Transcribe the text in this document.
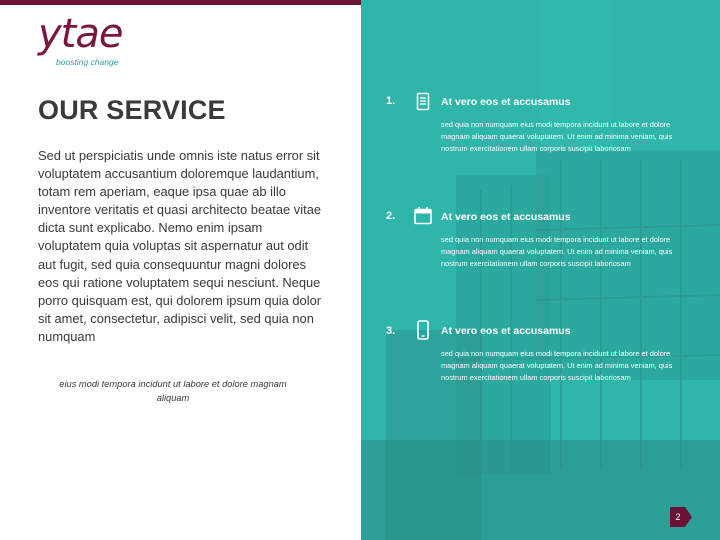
ytae
boosting change
OUR SERVICE

Sed ut perspiciatis unde omnis iste natus error sit voluptatem accusantium doloremque laudantium, totam rem aperiam, eaque ipsa quae ab illo inventore veritatis et quasi architecto beatae vitae dicta sunt explicabo. Nemo enim ipsam voluptatem quia voluptas sit aspernatur aut odit aut fugit, sed quia consequuntur magni dolores eos qui ratione voluptatem sequi nesciunt. Neque porro quisquam est, qui dolorem ipsum quia dolor sit amet, consectetur, adipisci velit, sed quia non numquam

eius modi tempora incidunt ut labore et dolore magnam aliquam

1.	At vero eos et accusamus

sed quia non numquam eius modi tempora incidunt ut labore et dolore magnam aliquam quaerat voluptatem. Ut enim ad minima veniam, quis nostrum exercitationem ullam corporis suscipit laboriosam

2.	At vero eos et accusamus

sed quia non numquam eius modi tempora incidunt ut labore et dolore magnam aliquam quaerat voluptatem. Ut enim ad minima veniam, quis nostrum exercitationem ullam corporis suscipit laboriosam

3.	At vero eos et accusamus

sed quia non numquam eius modi tempora incidunt ut labore et dolore magnam aliquam quaerat voluptatem. Ut enim ad minima veniam, quis nostrum exercitationem ullam corporis suscipit laboriosam

2
